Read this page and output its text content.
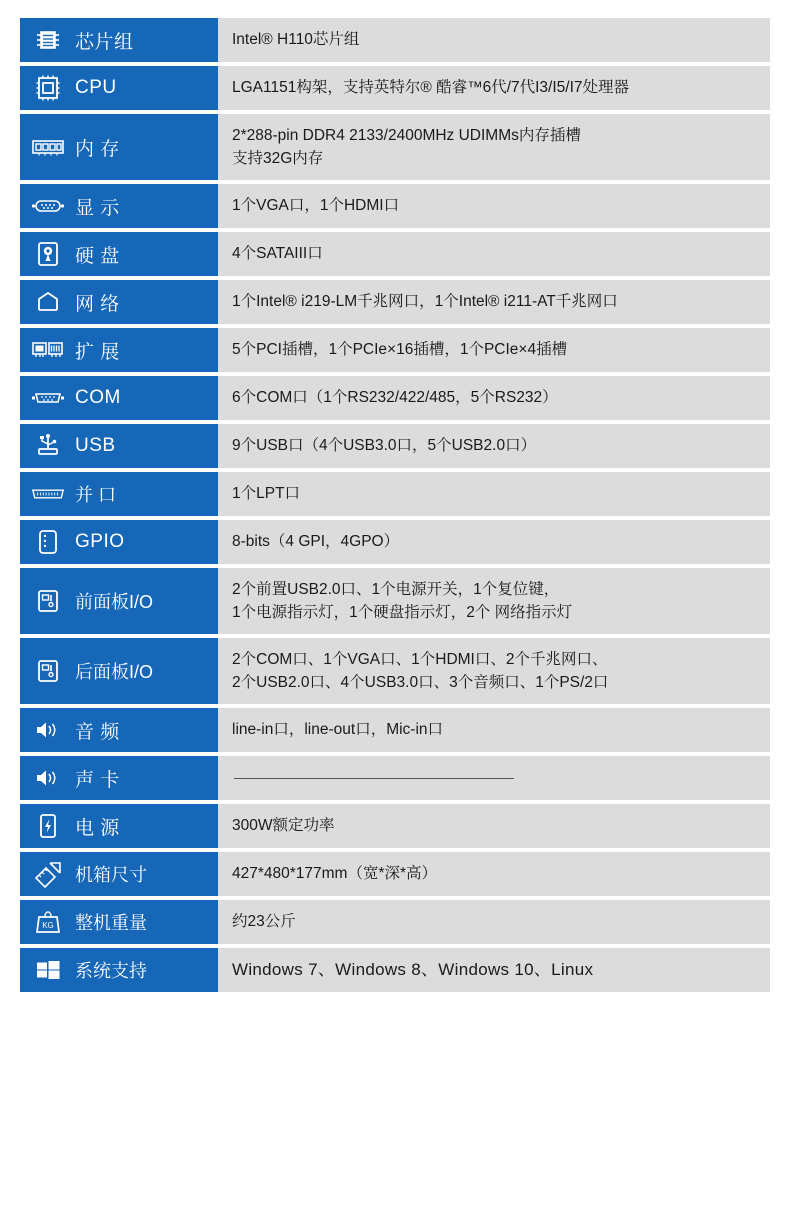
芯片组	Intel® H110芯片组

CPU	LGA1151构架，支持英特尔® 酷睿™6代/7代I3/I5/I7处理器

内 存	2*288-pin DDR4 2133/2400MHz UDIMMs内存插槽
支持32G内存

显 示	1个VGA口，1个HDMI口

硬 盘	4个SATAIII口

网 络	1个Intel® i219-LM千兆网口，1个Intel® i211-AT千兆网口

扩 展	5个PCI插槽，1个PCIe×16插槽，1个PCIe×4插槽

COM	6个COM口（1个RS232/422/485，5个RS232）

USB	9个USB口（4个USB3.0口，5个USB2.0口）

并 口	1个LPT口

GPIO	8-bits（4 GPI，4GPO）

前面板I/O	2个前置USB2.0口、1个电源开关，1个复位键，
1个电源指示灯，1个硬盘指示灯，2个 网络指示灯

后面板I/O	2个COM口、1个VGA口、1个HDMI口、2个千兆网口、
2个USB2.0口、4个USB3.0口、3个音频口、1个PS/2口

音 频	line-in口，line-out口，Mic-in口

声 卡	

电 源	300W额定功率

机箱尺寸	427*480*177mm（宽*深*高）

KG 整机重量	约23公斤

系统支持	Windows 7、Windows 8、Windows 10、Linux
